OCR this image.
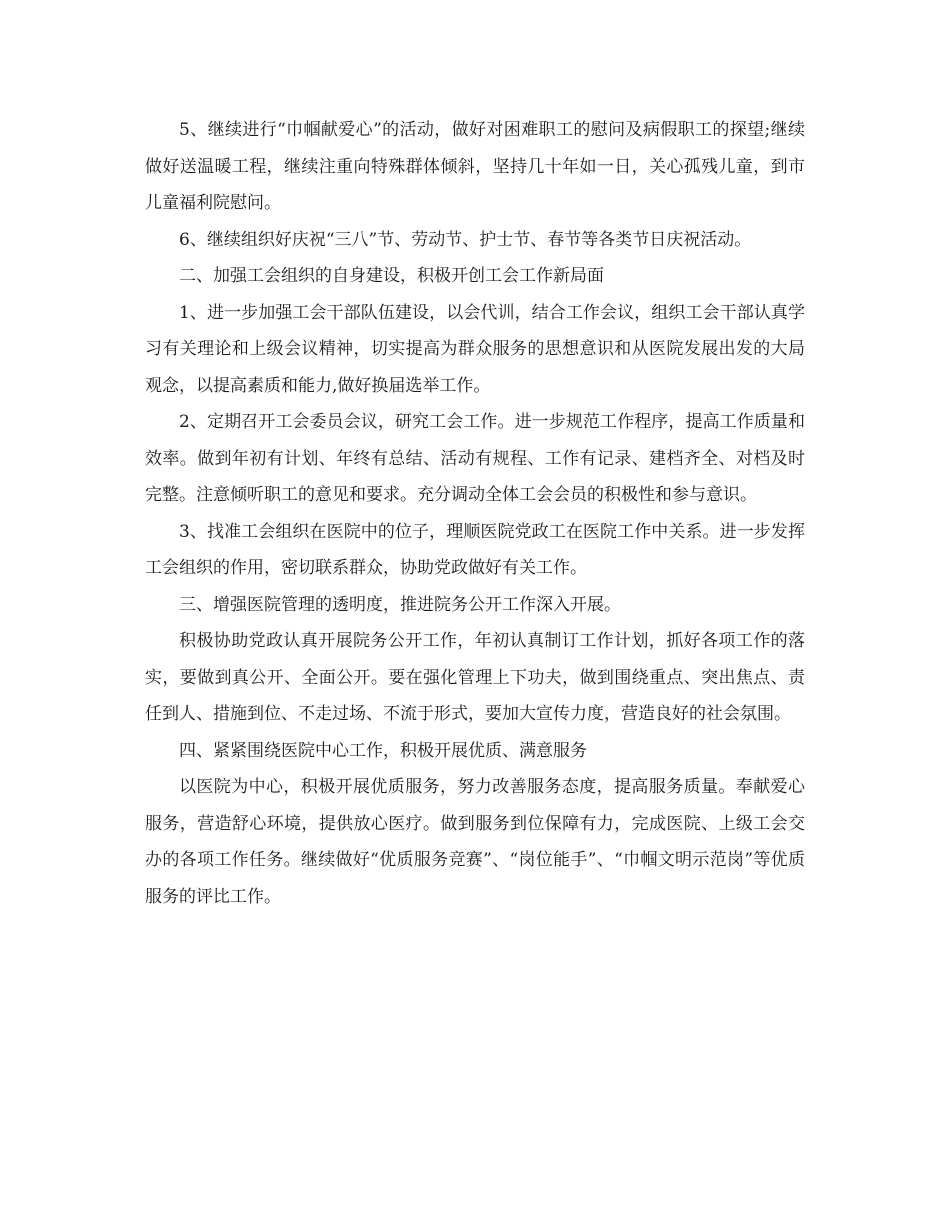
5、继续进行“巾帼献爱心”的活动，做好对困难职工的慰问及病假职工的探望;继续做好送温暖工程，继续注重向特殊群体倾斜，坚持几十年如一日，关心孤残儿童，到市儿童福利院慰问。

6、继续组织好庆祝“三八”节、劳动节、护士节、春节等各类节日庆祝活动。

二、加强工会组织的自身建设，积极开创工会工作新局面

1、进一步加强工会干部队伍建设，以会代训，结合工作会议，组织工会干部认真学习有关理论和上级会议精神，切实提高为群众服务的思想意识和从医院发展出发的大局观念，以提高素质和能力,做好换届选举工作。

2、定期召开工会委员会议，研究工会工作。进一步规范工作程序，提高工作质量和效率。做到年初有计划、年终有总结、活动有规程、工作有记录、建档齐全、对档及时完整。注意倾听职工的意见和要求。充分调动全体工会会员的积极性和参与意识。

3、找准工会组织在医院中的位子，理顺医院党政工在医院工作中关系。进一步发挥工会组织的作用，密切联系群众，协助党政做好有关工作。

三、增强医院管理的透明度，推进院务公开工作深入开展。

积极协助党政认真开展院务公开工作，年初认真制订工作计划，抓好各项工作的落实，要做到真公开、全面公开。要在强化管理上下功夫，做到围绕重点、突出焦点、责任到人、措施到位、不走过场、不流于形式，要加大宣传力度，营造良好的社会氛围。

四、紧紧围绕医院中心工作，积极开展优质、满意服务

以医院为中心，积极开展优质服务，努力改善服务态度，提高服务质量。奉献爱心服务，营造舒心环境，提供放心医疗。做到服务到位保障有力，完成医院、上级工会交办的各项工作任务。继续做好“优质服务竞赛”、“岗位能手”、“巾帼文明示范岗”等优质服务的评比工作。
